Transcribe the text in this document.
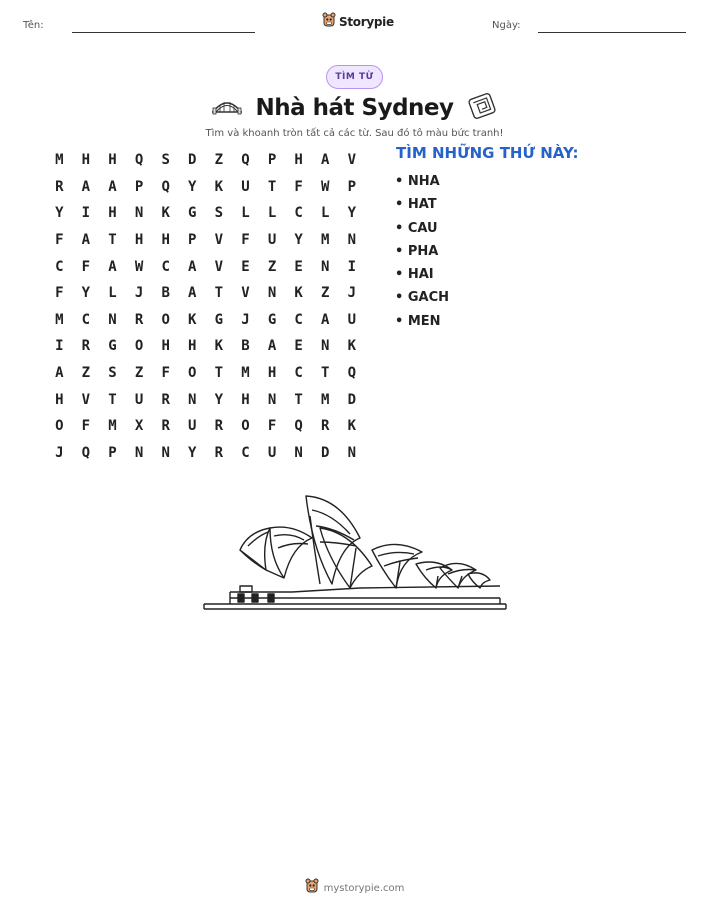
Tên:	Storypie	Ngày:
TÌM TỪ
Nhà hát Sydney
Tìm và khoanh tròn tất cả các từ. Sau đó tô màu bức tranh!
M	H	H	Q	S	D	Z	Q	P	H	A	V
R	A	A	P	Q	Y	K	U	T	F	W	P
Y	I	H	N	K	G	S	L	L	C	L	Y
F	A	T	H	H	P	V	F	U	Y	M	N
C	F	A	W	C	A	V	E	Z	E	N	I
F	Y	L	J	B	A	T	V	N	K	Z	J
M	C	N	R	O	K	G	J	G	C	A	U
I	R	G	O	H	H	K	B	A	E	N	K
A	Z	S	Z	F	O	T	M	H	C	T	Q
H	V	T	U	R	N	Y	H	N	T	M	D
O	F	M	X	R	U	R	O	F	Q	R	K
J	Q	P	N	N	Y	R	C	U	N	D	N
TÌM NHỮNG THỨ NÀY:
• NHA
• HAT
• CAU
• PHA
• HAI
• GACH
• MEN
mystorypie.com
